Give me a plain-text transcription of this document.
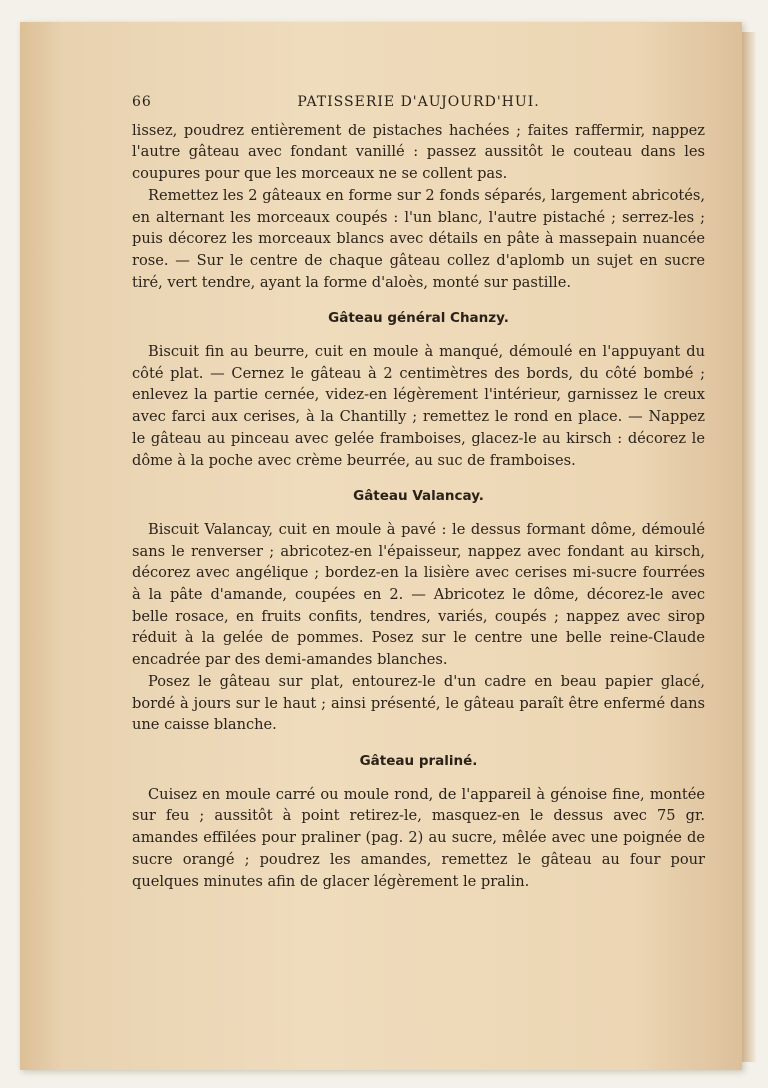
66	PATISSERIE D'AUJOURD'HUI.

lissez, poudrez entièrement de pistaches hachées ; faites raffermir, nappez l'autre gâteau avec fondant vanillé : passez aussitôt le couteau dans les coupures pour que les morceaux ne se collent pas.

Remettez les 2 gâteaux en forme sur 2 fonds séparés, largement abricotés, en alternant les morceaux coupés : l'un blanc, l'autre pistaché ; serrez-les ; puis décorez les morceaux blancs avec détails en pâte à massepain nuancée rose. — Sur le centre de chaque gâteau collez d'aplomb un sujet en sucre tiré, vert tendre, ayant la forme d'aloès, monté sur pastille.

Gâteau général Chanzy.

Biscuit fin au beurre, cuit en moule à manqué, démoulé en l'appuyant du côté plat. — Cernez le gâteau à 2 centimètres des bords, du côté bombé ; enlevez la partie cernée, videz-en légèrement l'intérieur, garnissez le creux avec farci aux cerises, à la Chantilly ; remettez le rond en place. — Nappez le gâteau au pinceau avec gelée framboises, glacez-le au kirsch : décorez le dôme à la poche avec crème beurrée, au suc de framboises.

Gâteau Valancay.

Biscuit Valancay, cuit en moule à pavé : le dessus formant dôme, démoulé sans le renverser ; abricotez-en l'épaisseur, nappez avec fondant au kirsch, décorez avec angélique ; bordez-en la lisière avec cerises mi-sucre fourrées à la pâte d'amande, coupées en 2. — Abricotez le dôme, décorez-le avec belle rosace, en fruits confits, tendres, variés, coupés ; nappez avec sirop réduit à la gelée de pommes. Posez sur le centre une belle reine-Claude encadrée par des demi-amandes blanches.

Posez le gâteau sur plat, entourez-le d'un cadre en beau papier glacé, bordé à jours sur le haut ; ainsi présenté, le gâteau paraît être enfermé dans une caisse blanche.

Gâteau praliné.

Cuisez en moule carré ou moule rond, de l'appareil à génoise fine, montée sur feu ; aussitôt à point retirez-le, masquez-en le dessus avec 75 gr. amandes effilées pour praliner (pag. 2) au sucre, mêlée avec une poignée de sucre orangé ; poudrez les amandes, remettez le gâteau au four pour quelques minutes afin de glacer légèrement le pralin.
